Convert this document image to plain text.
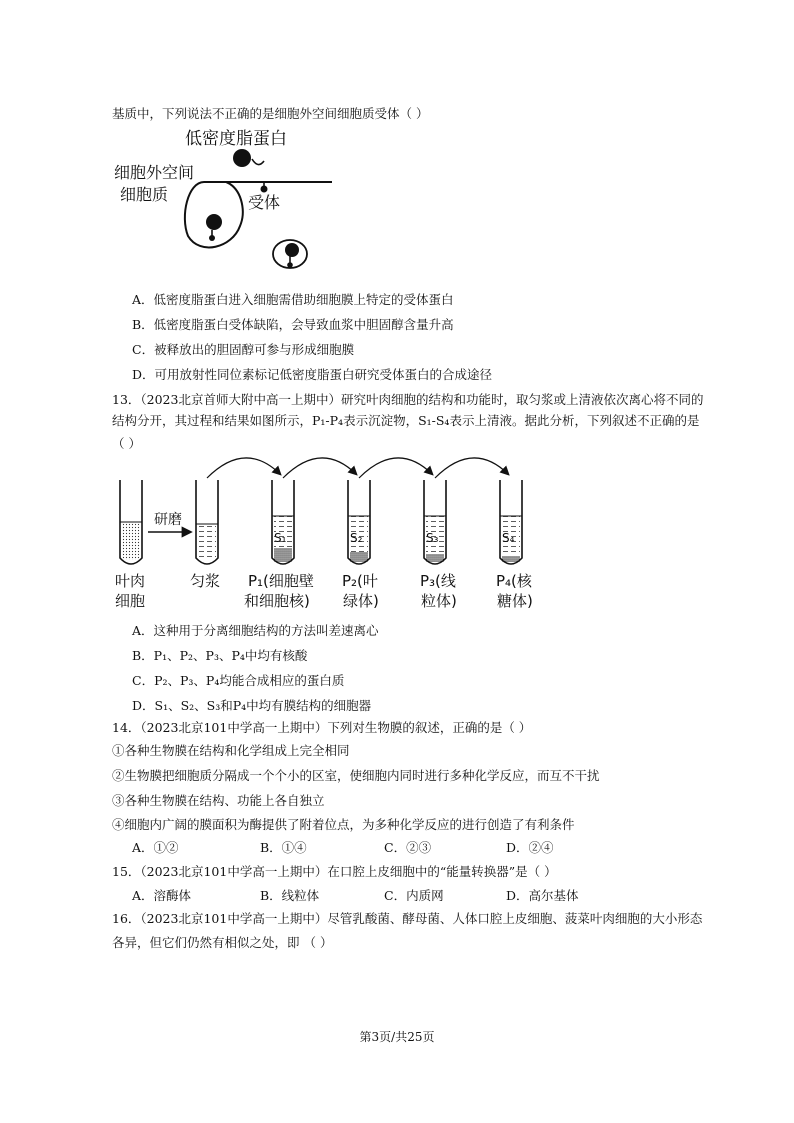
基质中，下列说法不正确的是细胞外空间细胞质受体（ ）
低密度脂蛋白
细胞外空间
细胞质	受体
A．低密度脂蛋白进入细胞需借助细胞膜上特定的受体蛋白
B．低密度脂蛋白受体缺陷，会导致血浆中胆固醇含量升高
C．被释放出的胆固醇可参与形成细胞膜
D．可用放射性同位素标记低密度脂蛋白研究受体蛋白的合成途径
13．（2023北京首师大附中高一上期中）研究叶肉细胞的结构和功能时，取匀浆或上清液依次离心将不同的
结构分开，其过程和结果如图所示，P₁-P₄表示沉淀物，S₁-S₄表示上清液。据此分析，下列叙述不正确的是
（ ）
研磨
S₁	S₂	S₃	S₄
叶肉
细胞
匀浆 P₁(细胞壁
和细胞核)
P₂(叶
绿体)
P₃(线
粒体)
P₄(核
糖体)
A．这种用于分离细胞结构的方法叫差速离心
B．P₁、P₂、P₃、P₄中均有核酸
C．P₂、P₃、P₄均能合成相应的蛋白质
D．S₁、S₂、S₃和P₄中均有膜结构的细胞器
14．（2023北京101中学高一上期中）下列对生物膜的叙述，正确的是（ ）
①各种生物膜在结构和化学组成上完全相同
②生物膜把细胞质分隔成一个个小的区室，使细胞内同时进行多种化学反应，而互不干扰
③各种生物膜在结构、功能上各自独立
④细胞内广阔的膜面积为酶提供了附着位点，为多种化学反应的进行创造了有利条件
A．①②	B．①④	C．②③	D．②④
15．（2023北京101中学高一上期中）在口腔上皮细胞中的“能量转换器”是（ ）
A．溶酶体	B．线粒体	C．内质网	D．高尔基体
16．（2023北京101中学高一上期中）尽管乳酸菌、酵母菌、人体口腔上皮细胞、菠菜叶肉细胞的大小形态
各异，但它们仍然有相似之处，即 （ ）
第3页/共25页
